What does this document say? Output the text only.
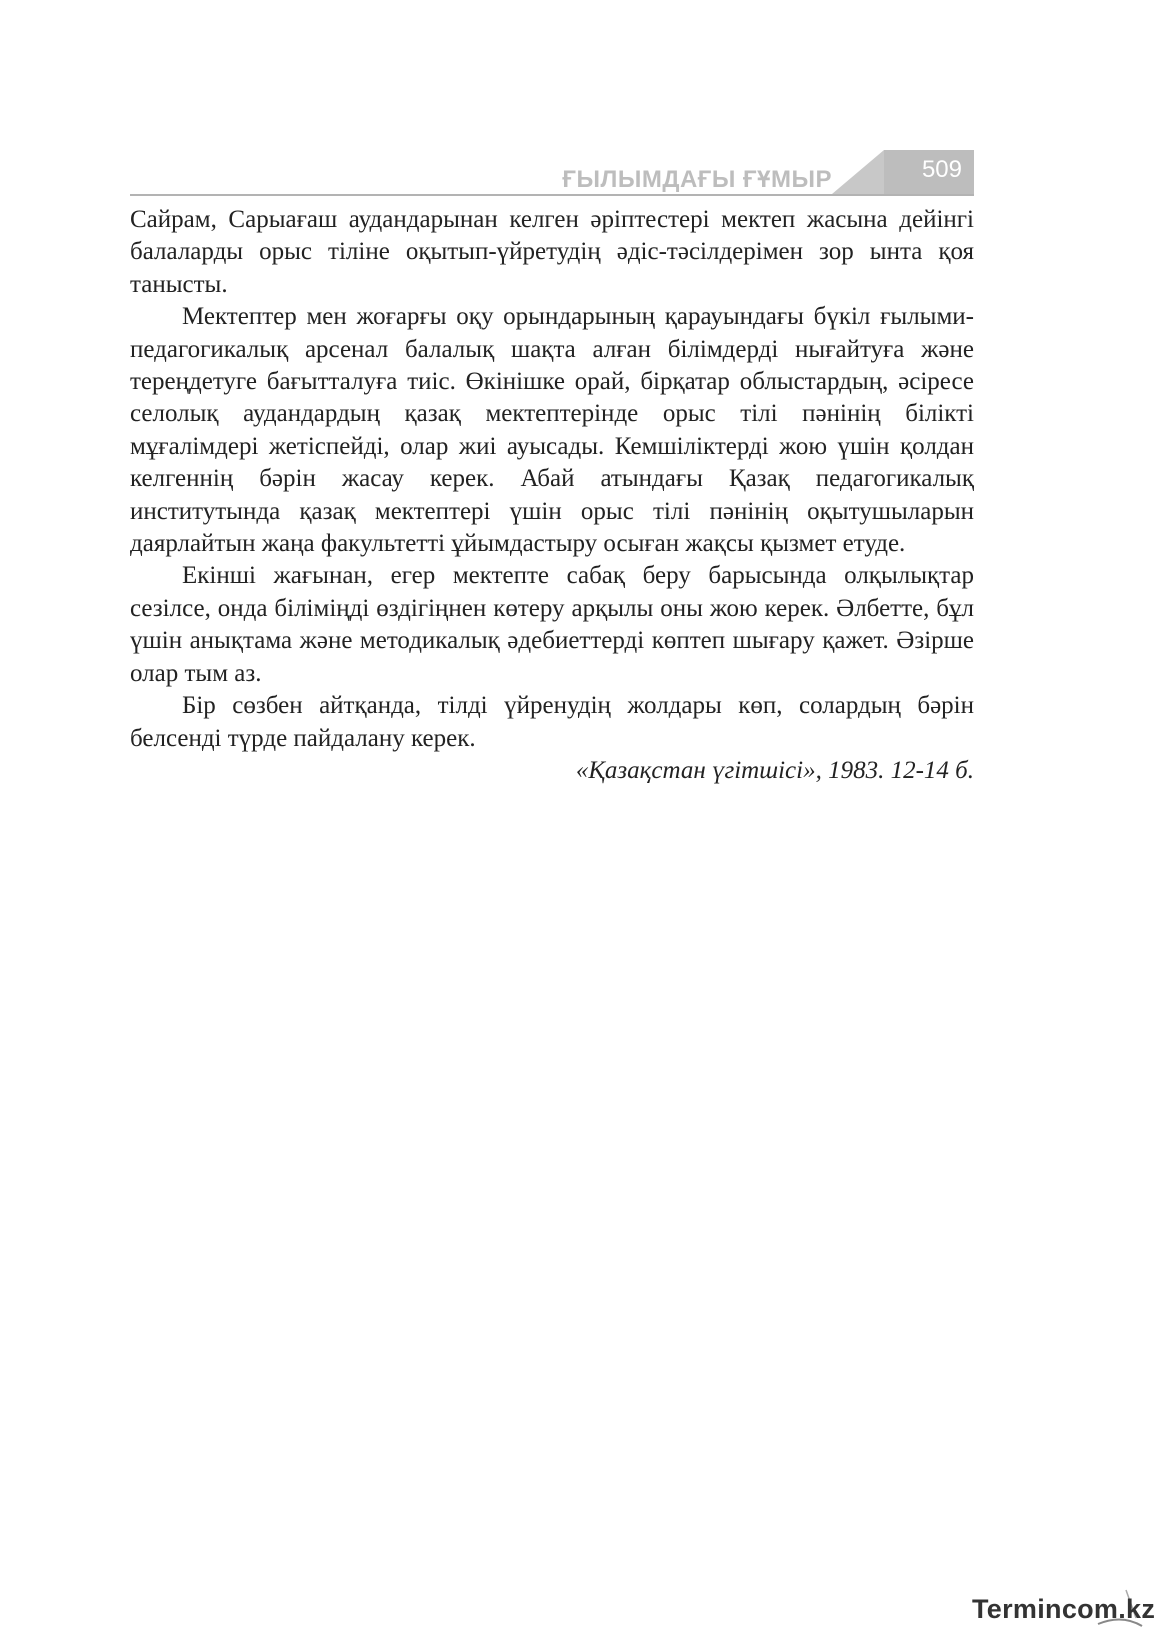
ҒЫЛЫМДАҒЫ ҒҰМЫР	509

Сайрам, Сарыағаш аудандарынан келген әріптестері мектеп жасына дейінгі балаларды орыс тіліне оқытып-үйретудің әдіс-тәсілдерімен зор ынта қоя танысты.

Мектептер мен жоғарғы оқу орындарының қарауындағы бүкіл ғылыми-педагогикалық арсенал балалық шақта алған білімдерді нығайтуға және тереңдетуге бағытталуға тиіс. Өкінішке орай, бірқатар облыстардың, әсіресе селолық аудандардың қазақ мектептерінде орыс тілі пәнінің білікті мұғалімдері жетіспейді, олар жиі ауысады. Кемшіліктерді жою үшін қолдан келгеннің бәрін жасау керек. Абай атындағы Қазақ педагогикалық институтында қазақ мектептері үшін орыс тілі пәнінің оқытушыларын даярлайтын жаңа факультетті ұйымдастыру осыған жақсы қызмет етуде.

Екінші жағынан, егер мектепте сабақ беру барысында олқылықтар сезілсе, онда біліміңді өздігіңнен көтеру арқылы оны жою керек. Әлбетте, бұл үшін анықтама және методикалық әдебиеттерді көптеп шығару қажет. Әзірше олар тым аз.

Бір сөзбен айтқанда, тілді үйренудің жолдары көп, солардың бәрін белсенді түрде пайдалану керек.

«Қазақстан үгітшісі», 1983. 12-14 б.
Termincom.kz
